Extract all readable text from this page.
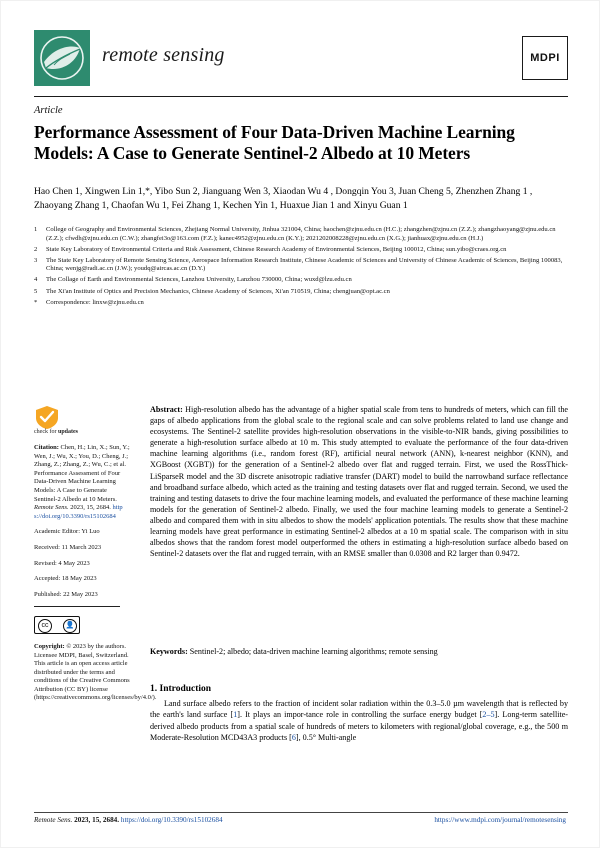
remote sensing	MDPI
Article
Performance Assessment of Four Data-Driven Machine Learning Models: A Case to Generate Sentinel-2 Albedo at 10 Meters
Hao Chen 1, Xingwen Lin 1,*, Yibo Sun 2, Jianguang Wen 3, Xiaodan Wu 4 , Dongqin You 3, Juan Cheng 5, Zhenzhen Zhang 1 , Zhaoyang Zhang 1, Chaofan Wu 1, Fei Zhang 1, Kechen Yin 1, Huaxue Jian 1 and Xinyu Guan 1
1	College of Geography and Environmental Sciences, Zhejiang Normal University, Jinhua 321004, China; haochen@zjnu.edu.cn (H.C.); zhangzhen@zjnu.cn (Z.Z.); zhangzhaoyang@zjnu.edu.cn (Z.Z.); cfwdh@zjnu.edu.cn (C.W.); zhangfei3o@163.com (F.Z.); kanec4952@zjnu.edu.cn (K.Y.); 2021202008228@zjnu.edu.cn (X.G.); jianhuax@zjnu.edu.cn (H.J.)
2	State Key Laboratory of Environmental Criteria and Risk Assessment, Chinese Research Academy of Environmental Sciences, Beijing 100012, China; sun.yibo@craes.org.cn
3	The State Key Laboratory of Remote Sensing Science, Aerospace Information Research Institute, Chinese Academic of Sciences and University of Chinese Academic of Sciences, Beijing 100083, China; wenjg@radi.ac.cn (J.W.); youdq@aircas.ac.cn (D.Y.)
4	The Collage of Earth and Environmental Sciences, Lanzhou University, Lanzhou 730000, China; wuxd@lzu.edu.cn
5	The Xi'an Institute of Optics and Precision Mechanics, Chinese Academy of Sciences, Xi'an 710519, China; chengjuan@opt.ac.cn
*	Correspondence: linxw@zjnu.edu.cn
check for updates

Citation: Chen, H.; Lin, X.; Sun, Y.; Wen, J.; Wu, X.; You, D.; Cheng, J.; Zhang, Z.; Zhang, Z.; Wu, C.; et al. Performance Assessment of Four Data-Driven Machine Learning Models: A Case to Generate Sentinel-2 Albedo at 10 Meters. Remote Sens. 2023, 15, 2684. https://doi.org/10.3390/rs15102684

Academic Editor: Yi Luo

Received: 11 March 2023

Revised: 4 May 2023

Accepted: 18 May 2023

Published: 22 May 2023

cc	👤

Copyright: © 2023 by the authors. Licensee MDPI, Basel, Switzerland. This article is an open access article distributed under the terms and conditions of the Creative Commons Attribution (CC BY) license (https://creativecommons.org/licenses/by/4.0/).

Abstract: High-resolution albedo has the advantage of a higher spatial scale from tens to hundreds of meters, which can fill the gaps of albedo applications from the global scale to the regional scale and can solve problems related to land use change and ecosystems. The Sentinel-2 satellite provides high-resolution observations in the visible-to-NIR bands, giving possibilities to generate a high-resolution surface albedo at 10 m. This study attempted to evaluate the performance of the four data-driven machine learning algorithms (i.e., random forest (RF), artificial neural network (ANN), k-nearest neighbor (KNN), and XGBoost (XGBT)) for the generation of a Sentinel-2 albedo over flat and rugged terrain. First, we used the RossThick-LiSparseR model and the 3D discrete anisotropic radiative transfer (DART) model to build the narrowband surface reflectance and broadband surface albedo, which acted as the training and testing datasets over flat and rugged terrain. Second, we used the training and testing datasets to drive the four machine learning models, and evaluated the performance of these machine learning models for the generation of Sentinel-2 albedo. Finally, we used the four machine learning models to generate a Sentinel-2 albedo and compared them with in situ albedos to show the models' application potentials. The results show that these machine learning models have great performance in estimating Sentinel-2 albedos at a 10 m spatial scale. The comparison with in situ albedos shows that the random forest model outperformed the others in estimating a high-resolution surface albedo based on Sentinel-2 datasets over the flat and rugged terrain, with an RMSE smaller than 0.0308 and R2 larger than 0.9472.
Keywords: Sentinel-2; albedo; data-driven machine learning algorithms; remote sensing
1. Introduction
Land surface albedo refers to the fraction of incident solar radiation within the 0.3–5.0 µm wavelength that is reflected by the earth's land surface [1]. It plays an impor-tance role in controlling the surface energy budget [2–5]. Long-term satellite-derived albedo products from a spatial scale of hundreds of meters to kilometers with regional/global coverage, e.g., the 500 m Moderate-Resolution MCD43A3 products [6], 0.5° Multi-angle
Remote Sens. 2023, 15, 2684. https://doi.org/10.3390/rs15102684	https://www.mdpi.com/journal/remotesensing
